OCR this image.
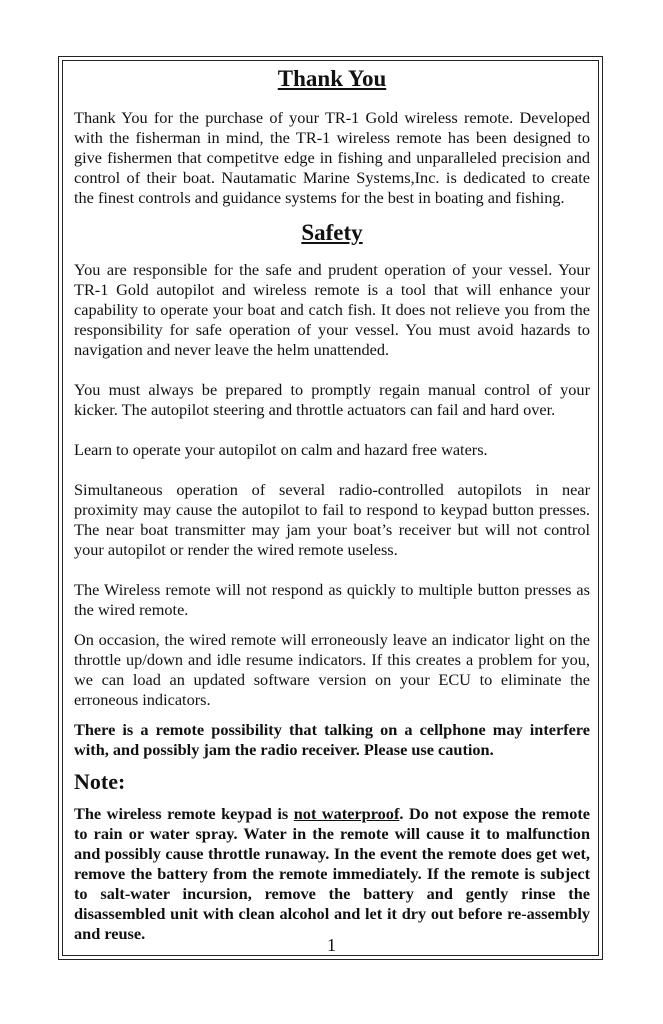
Thank You

Thank You for the purchase of your TR-1 Gold wireless remote. Developed with the fisherman in mind, the TR-1 wireless remote has been designed to give fishermen that competitve edge in fishing and unparalleled precision and control of their boat. Nautamatic Marine Systems,Inc. is dedicated to create the finest controls and guidance systems for the best in boating and fishing.

Safety

You are responsible for the safe and prudent operation of your vessel. Your TR-1 Gold autopilot and wireless remote is a tool that will enhance your capability to operate your boat and catch fish. It does not relieve you from the responsibility for safe operation of your vessel. You must avoid hazards to navigation and never leave the helm unattended.

You must always be prepared to promptly regain manual control of your kicker. The autopilot steering and throttle actuators can fail and hard over.

Learn to operate your autopilot on calm and hazard free waters.

Simultaneous operation of several radio-controlled autopilots in near proximity may cause the autopilot to fail to respond to keypad button presses. The near boat transmitter may jam your boat’s receiver but will not control your autopilot or render the wired remote useless.

The Wireless remote will not respond as quickly to multiple button presses as the wired remote.

On occasion, the wired remote will erroneously leave an indicator light on the throttle up/down and idle resume indicators. If this creates a problem for you, we can load an updated software version on your ECU to eliminate the erroneous indicators.

There is a remote possibility that talking on a cellphone may interfere with, and possibly jam the radio receiver. Please use caution.

Note:

The wireless remote keypad is not waterproof. Do not expose the remote to rain or water spray. Water in the remote will cause it to malfunction and possibly cause throttle runaway. In the event the remote does get wet, remove the battery from the remote immediately. If the remote is subject to salt-water incursion, remove the battery and gently rinse the disassembled unit with clean alcohol and let it dry out before re-assembly and reuse.

1
